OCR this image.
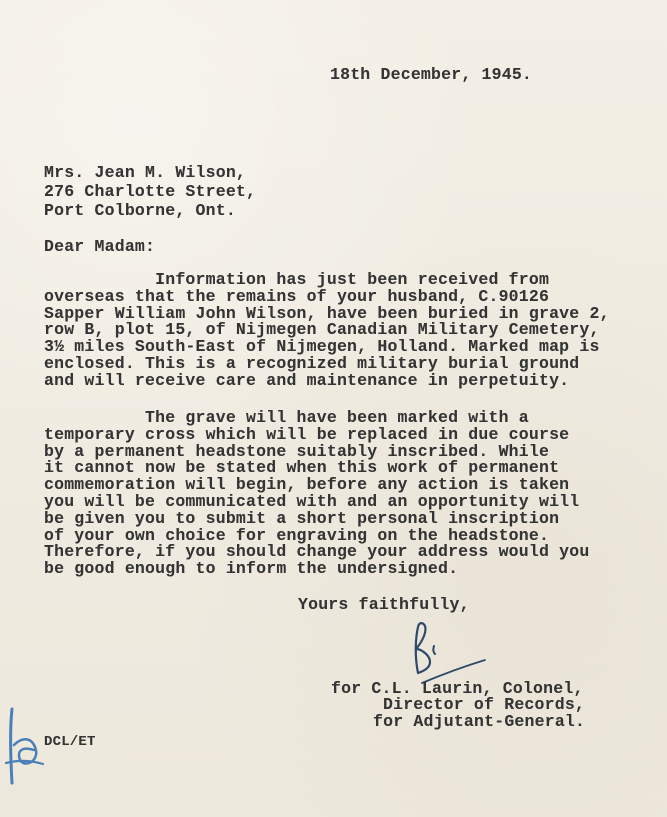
18th December, 1945.
Mrs. Jean M. Wilson,
276 Charlotte Street,
Port Colborne, Ont.
Dear Madam:
Information has just been received from
overseas that the remains of your husband, C.90126
Sapper William John Wilson, have been buried in grave 2,
row B, plot 15, of Nijmegen Canadian Military Cemetery,
3½ miles South-East of Nijmegen, Holland. Marked map is
enclosed. This is a recognized military burial ground
and will receive care and maintenance in perpetuity.
The grave will have been marked with a
temporary cross which will be replaced in due course
by a permanent headstone suitably inscribed. While
it cannot now be stated when this work of permanent
commemoration will begin, before any action is taken
you will be communicated with and an opportunity will
be given you to submit a short personal inscription
of your own choice for engraving on the headstone.
Therefore, if you should change your address would you
be good enough to inform the undersigned.
Yours faithfully,
for C.L. Laurin, Colonel,
Director of Records,
for Adjutant-General.
DCL/ET
